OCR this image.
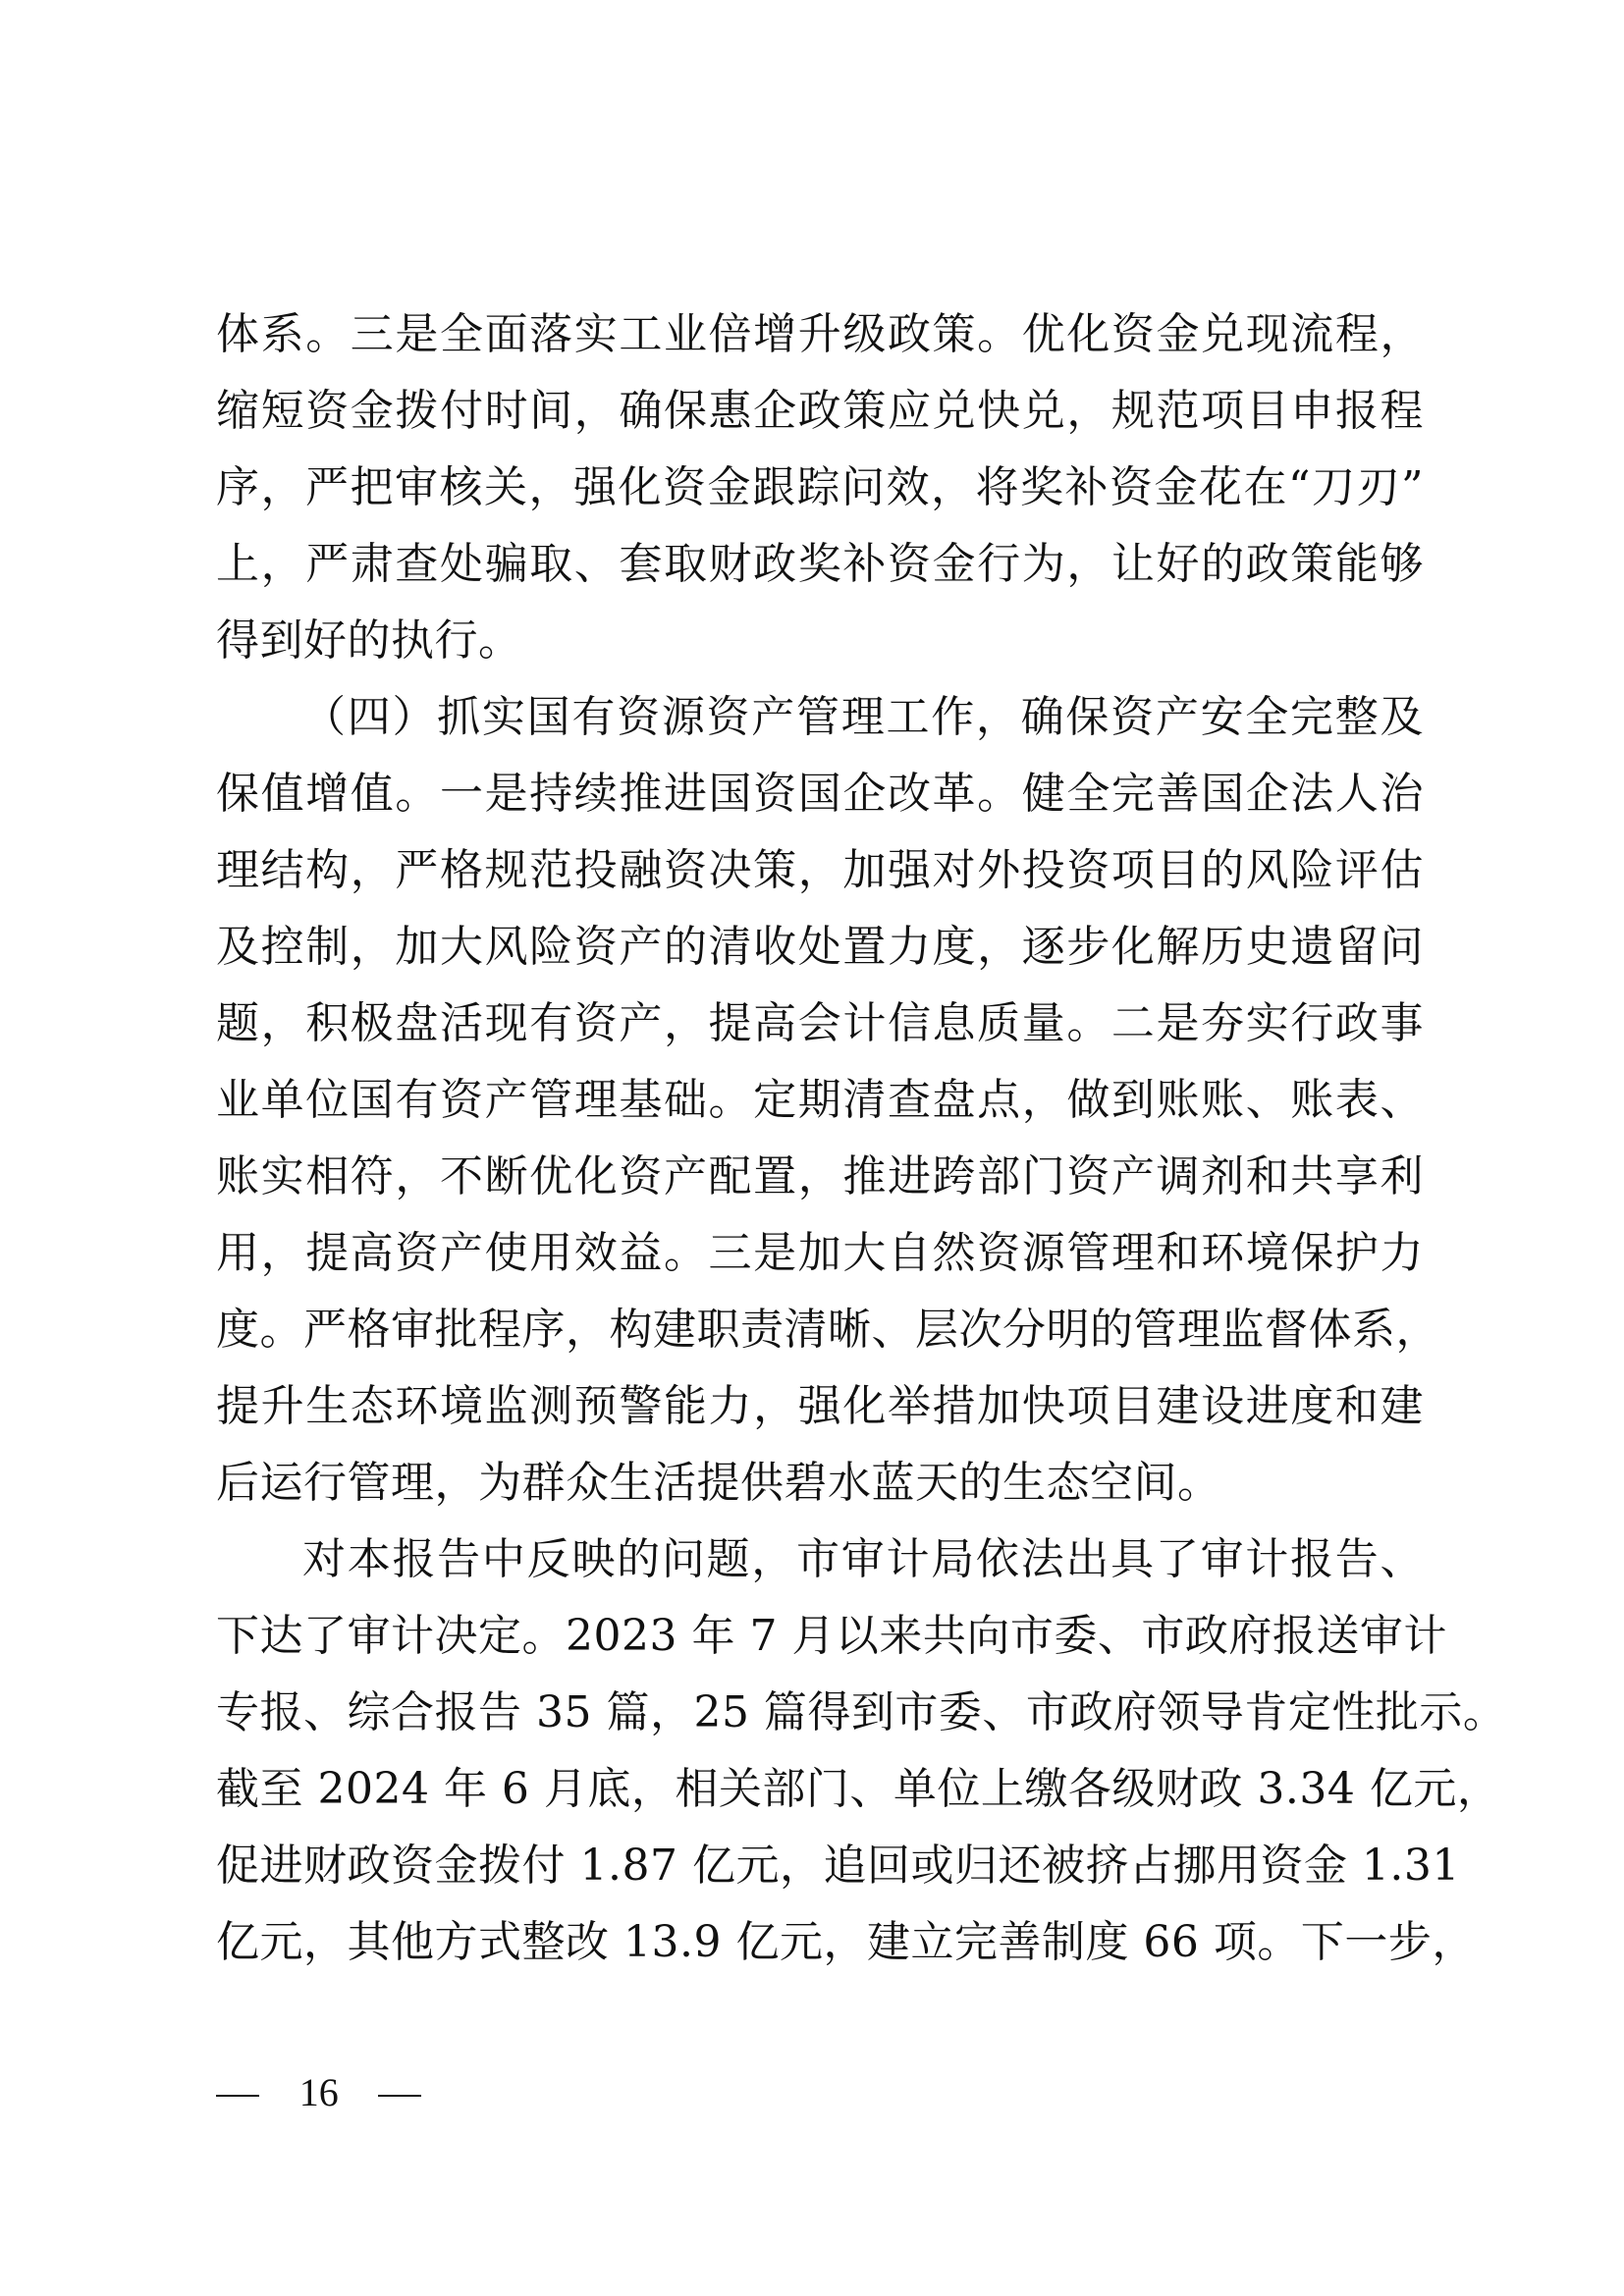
体系。三是全面落实工业倍增升级政策。优化资金兑现流程，
缩短资金拨付时间，确保惠企政策应兑快兑，规范项目申报程
序，严把审核关，强化资金跟踪问效，将奖补资金花在“刀刃”
上，严肃查处骗取、套取财政奖补资金行为，让好的政策能够
得到好的执行。
（四）抓实国有资源资产管理工作，确保资产安全完整及
保值增值。一是持续推进国资国企改革。健全完善国企法人治
理结构，严格规范投融资决策，加强对外投资项目的风险评估
及控制，加大风险资产的清收处置力度，逐步化解历史遗留问
题，积极盘活现有资产，提高会计信息质量。二是夯实行政事
业单位国有资产管理基础。定期清查盘点，做到账账、账表、
账实相符，不断优化资产配置，推进跨部门资产调剂和共享利
用，提高资产使用效益。三是加大自然资源管理和环境保护力
度。严格审批程序，构建职责清晰、层次分明的管理监督体系，
提升生态环境监测预警能力，强化举措加快项目建设进度和建
后运行管理，为群众生活提供碧水蓝天的生态空间。
对本报告中反映的问题，市审计局依法出具了审计报告、
下达了审计决定。2023 年 7 月以来共向市委、市政府报送审计
专报、综合报告 35 篇，25 篇得到市委、市政府领导肯定性批示。
截至 2024 年 6 月底，相关部门、单位上缴各级财政 3.34 亿元，
促进财政资金拨付 1.87 亿元，追回或归还被挤占挪用资金 1.31
亿元，其他方式整改 13.9 亿元，建立完善制度 66 项。下一步，
16
